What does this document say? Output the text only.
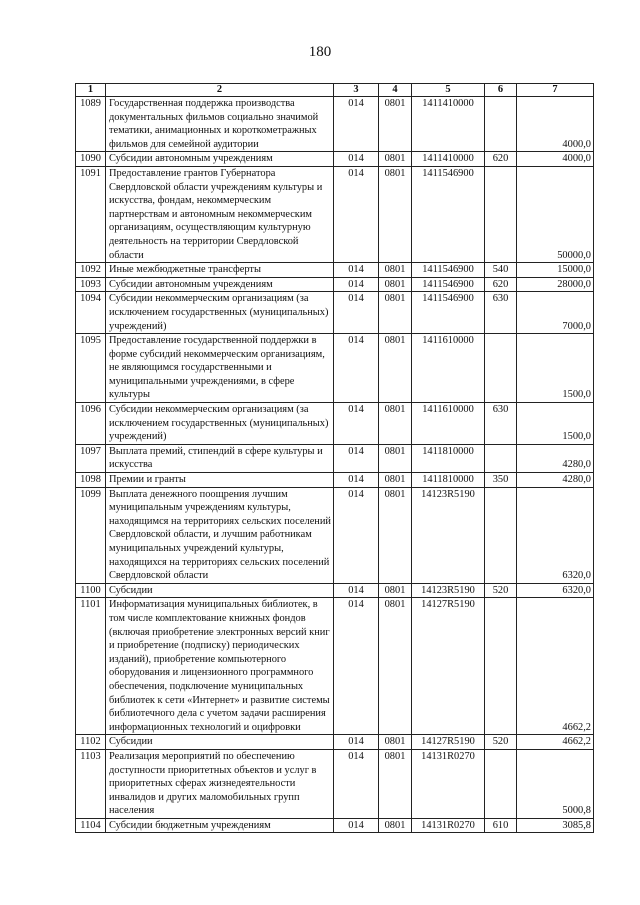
180
1	2	3	4	5	6	7
1089	Государственная поддержка производства документальных фильмов социально значимой тематики, анимационных и короткометражных фильмов для семейной аудитории	014	0801	1411410000		4000,0
1090	Субсидии автономным учреждениям	014	0801	1411410000	620	4000,0
1091	Предоставление грантов Губернатора Свердловской области учреждениям культуры и искусства, фондам, некоммерческим партнерствам и автономным некоммерческим организациям, осуществляющим культурную деятельность на территории Свердловской области	014	0801	1411546900		50000,0
1092	Иные межбюджетные трансферты	014	0801	1411546900	540	15000,0
1093	Субсидии автономным учреждениям	014	0801	1411546900	620	28000,0
1094	Субсидии некоммерческим организациям (за исключением государственных (муниципальных) учреждений)	014	0801	1411546900	630	7000,0
1095	Предоставление государственной поддержки в форме субсидий некоммерческим организациям, не являющимся государственными и муниципальными учреждениями, в сфере культуры	014	0801	1411610000		1500,0
1096	Субсидии некоммерческим организациям (за исключением государственных (муниципальных) учреждений)	014	0801	1411610000	630	1500,0
1097	Выплата премий, стипендий в сфере культуры и искусства	014	0801	1411810000		4280,0
1098	Премии и гранты	014	0801	1411810000	350	4280,0
1099	Выплата денежного поощрения лучшим муниципальным учреждениям культуры, находящимся на территориях сельских поселений Свердловской области, и лучшим работникам муниципальных учреждений культуры, находящихся на территориях сельских поселений Свердловской области	014	0801	14123R5190		6320,0
1100	Субсидии	014	0801	14123R5190	520	6320,0
1101	Информатизация муниципальных библиотек, в том числе комплектование книжных фондов (включая приобретение электронных версий книг и приобретение (подписку) периодических изданий), приобретение компьютерного оборудования и лицензионного программного обеспечения, подключение муниципальных библиотек к сети «Интернет» и развитие системы библиотечного дела с учетом задачи расширения информационных технологий и оцифровки	014	0801	14127R5190		4662,2
1102	Субсидии	014	0801	14127R5190	520	4662,2
1103	Реализация мероприятий по обеспечению доступности приоритетных объектов и услуг в приоритетных сферах жизнедеятельности инвалидов и других маломобильных групп населения	014	0801	14131R0270		5000,8
1104	Субсидии бюджетным учреждениям	014	0801	14131R0270	610	3085,8
